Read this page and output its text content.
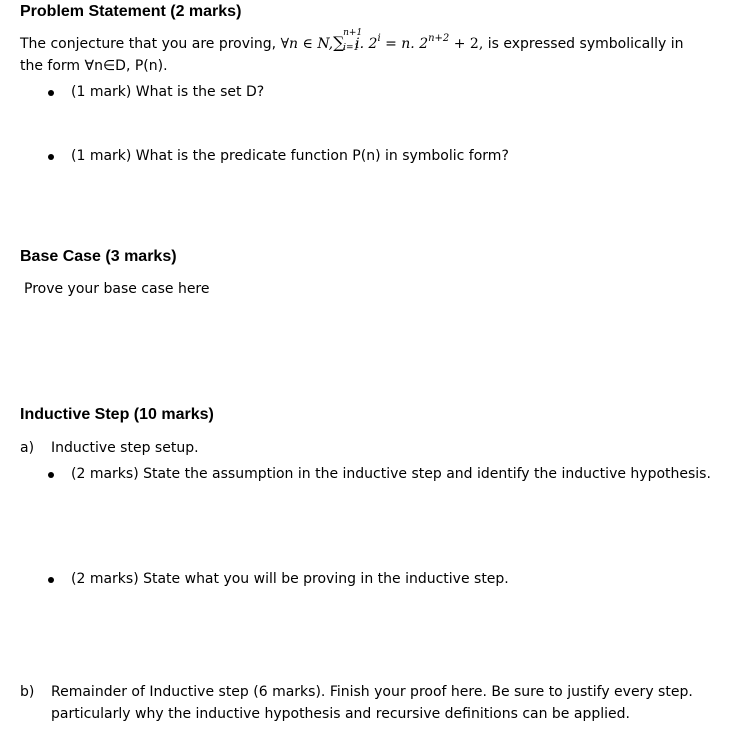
Problem Statement (2 marks)
The conjecture that you are proving, ∀n ∈ N, ∑
n+1
i=1
i. $2^i = n$. $2^{n+2} + 2$, is expressed symbolically in
the form ∀n∈D, P(n).
(1 mark) What is the set D?
(1 mark) What is the predicate function P(n) in symbolic form?
Base Case (3 marks)
Prove your base case here
Inductive Step (10 marks)
a) Inductive step setup.
(2 marks) State the assumption in the inductive step and identify the inductive hypothesis.
(2 marks) State what you will be proving in the inductive step.
b) Remainder of Inductive step (6 marks). Finish your proof here. Be sure to justify every step.
particularly why the inductive hypothesis and recursive definitions can be applied.
